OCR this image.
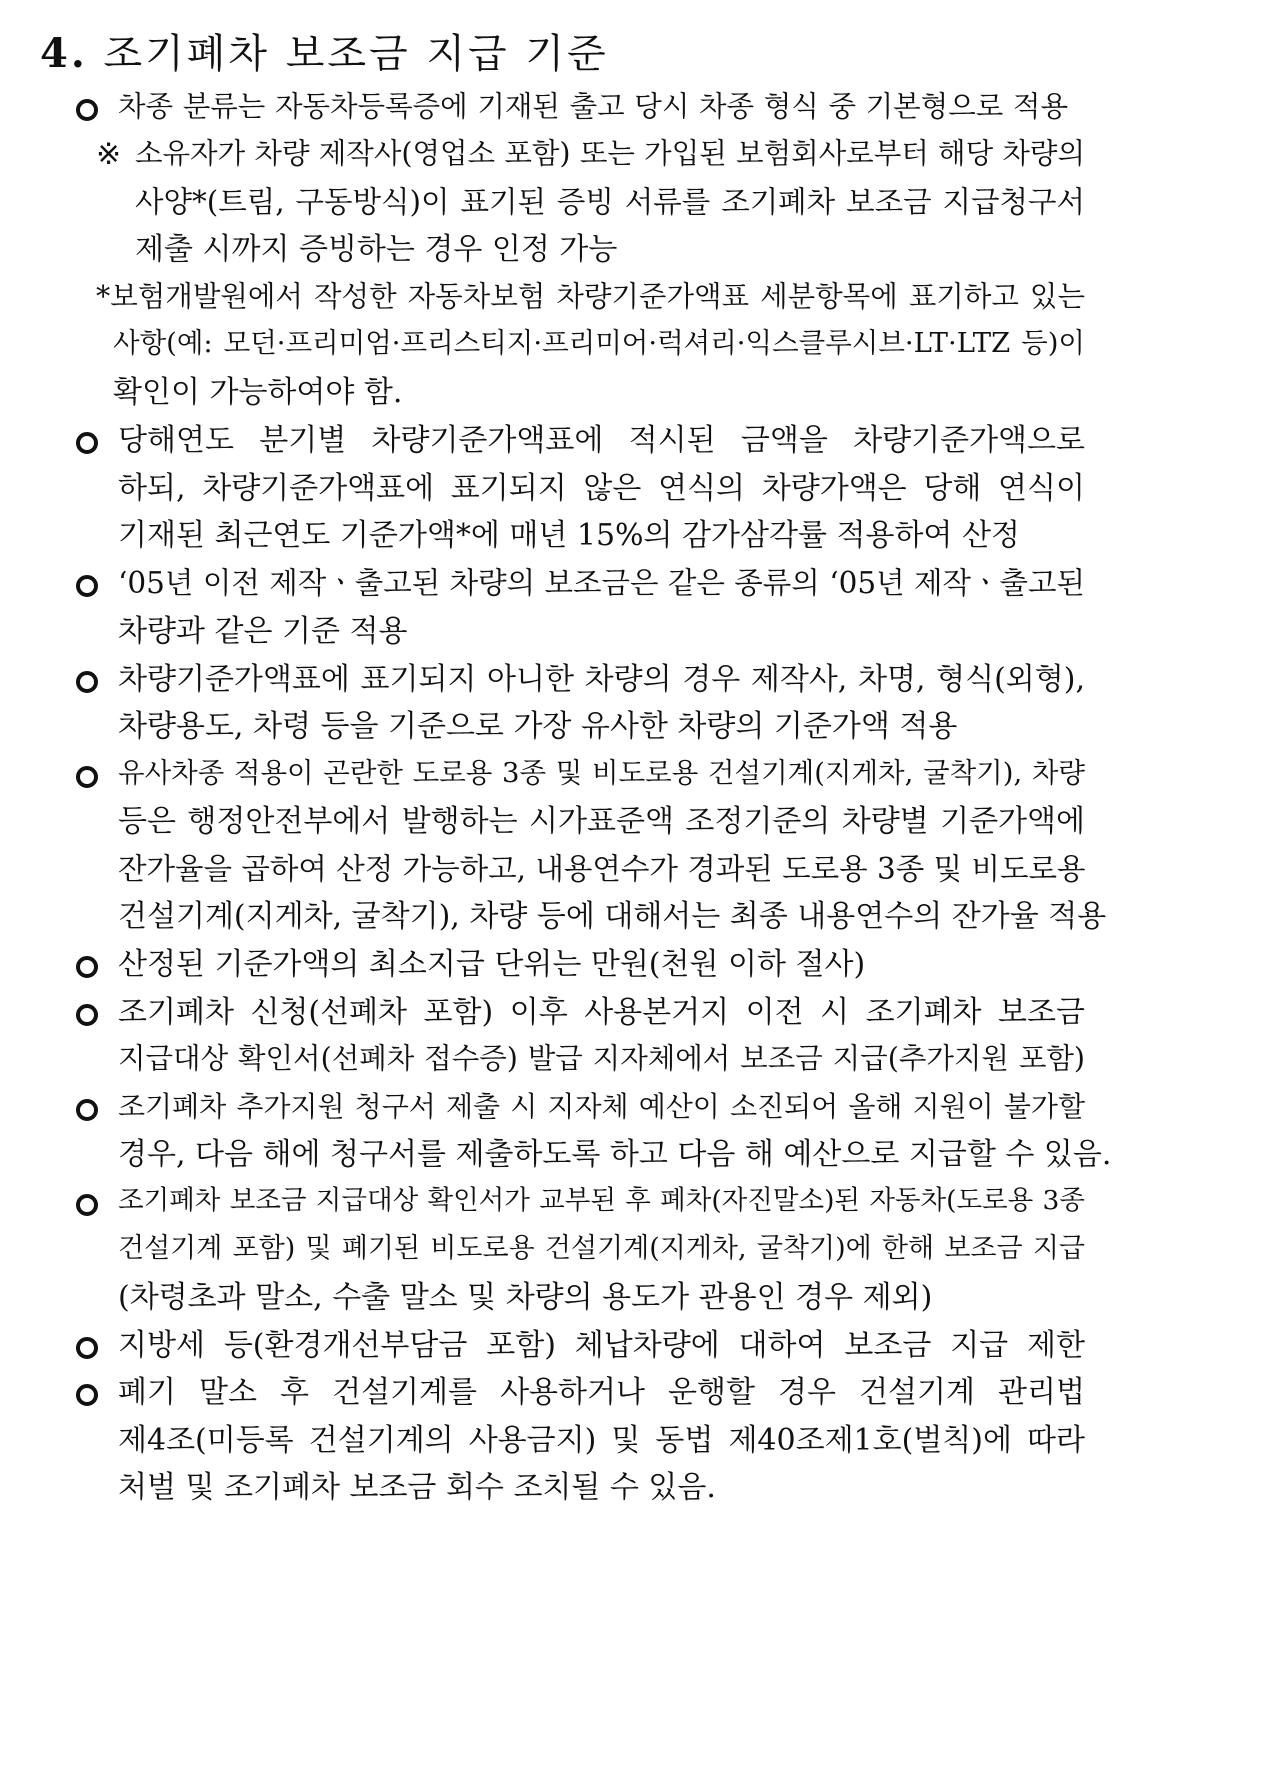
4. 조기폐차 보조금 지급 기준
차종 분류는 자동차등록증에 기재된 출고 당시 차종 형식 중 기본형으로 적용
※ 소유자가 차량 제작사(영업소 포함) 또는 가입된 보험회사로부터 해당 차량의
사양*(트림, 구동방식)이 표기된 증빙 서류를 조기폐차 보조금 지급청구서
제출 시까지 증빙하는 경우 인정 가능
*보험개발원에서 작성한 자동차보험 차량기준가액표 세분항목에 표기하고 있는
사항(예: 모던·프리미엄·프리스티지·프리미어·럭셔리·익스클루시브·LT·LTZ 등)이
확인이 가능하여야 함.
당해연도 분기별 차량기준가액표에 적시된 금액을 차량기준가액으로
하되, 차량기준가액표에 표기되지 않은 연식의 차량가액은 당해 연식이
기재된 최근연도 기준가액*에 매년 15%의 감가삼각률 적용하여 산정
‘05년 이전 제작ㆍ출고된 차량의 보조금은 같은 종류의 ‘05년 제작ㆍ출고된
차량과 같은 기준 적용
차량기준가액표에 표기되지 아니한 차량의 경우 제작사, 차명, 형식(외형),
차량용도, 차령 등을 기준으로 가장 유사한 차량의 기준가액 적용
유사차종 적용이 곤란한 도로용 3종 및 비도로용 건설기계(지게차, 굴착기), 차량
등은 행정안전부에서 발행하는 시가표준액 조정기준의 차량별 기준가액에
잔가율을 곱하여 산정 가능하고, 내용연수가 경과된 도로용 3종 및 비도로용
건설기계(지게차, 굴착기), 차량 등에 대해서는 최종 내용연수의 잔가율 적용
산정된 기준가액의 최소지급 단위는 만원(천원 이하 절사)
조기폐차 신청(선폐차 포함) 이후 사용본거지 이전 시 조기폐차 보조금
지급대상 확인서(선폐차 접수증) 발급 지자체에서 보조금 지급(추가지원 포함)
조기폐차 추가지원 청구서 제출 시 지자체 예산이 소진되어 올해 지원이 불가할
경우, 다음 해에 청구서를 제출하도록 하고 다음 해 예산으로 지급할 수 있음.
조기폐차 보조금 지급대상 확인서가 교부된 후 폐차(자진말소)된 자동차(도로용 3종
건설기계 포함) 및 폐기된 비도로용 건설기계(지게차, 굴착기)에 한해 보조금 지급
(차령초과 말소, 수출 말소 및 차량의 용도가 관용인 경우 제외)
지방세 등(환경개선부담금 포함) 체납차량에 대하여 보조금 지급 제한
폐기 말소 후 건설기계를 사용하거나 운행할 경우 건설기계 관리법
제4조(미등록 건설기계의 사용금지) 및 동법 제40조제1호(벌칙)에 따라
처벌 및 조기폐차 보조금 회수 조치될 수 있음.
